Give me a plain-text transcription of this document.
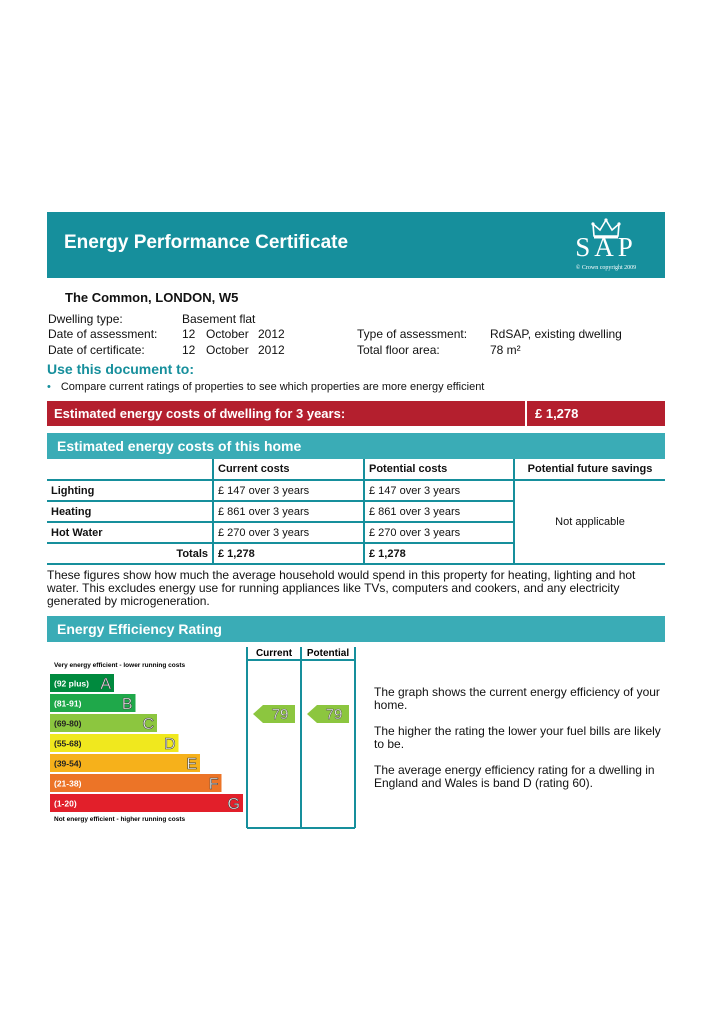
Energy Performance Certificate	SAP
© Crown copyright 2009
The Common, LONDON, W5
Dwelling type:	Basement flat
Date of assessment: 12 October 2012
Date of certificate:	12 October 2012
Type of assessment: RdSAP, existing dwelling
Total floor area:	78 m²
Use this document to:
• Compare current ratings of properties to see which properties are more energy efficient
Estimated energy costs of dwelling for 3 years:	£ 1,278
Estimated energy costs of this home
	Current costs	Potential costs	Potential future savings
Lighting	£ 147 over 3 years	£ 147 over 3 years	Not applicable
Heating	£ 861 over 3 years	£ 861 over 3 years	
Hot Water	£ 270 over 3 years	£ 270 over 3 years	
Totals	£ 1,278	£ 1,278	
These figures show how much the average household would spend in this property for heating, lighting and hot water. This excludes energy use for running appliances like TVs, computers and cookers, and any electricity generated by microgeneration.
Energy Efficiency Rating
Current Potential
Very energy efficient - lower running costs
Not energy efficient - higher running costs
(92 plus) A
(81-91)	B
(69-80)	C
(55-68)	D
(39-54)	E
(21-38)	F
(1-20)	G
79 79
The graph shows the current energy efficiency of your home.
The higher the rating the lower your fuel bills are likely to be.
The average energy efficiency rating for a dwelling in England and Wales is band D (rating 60).
